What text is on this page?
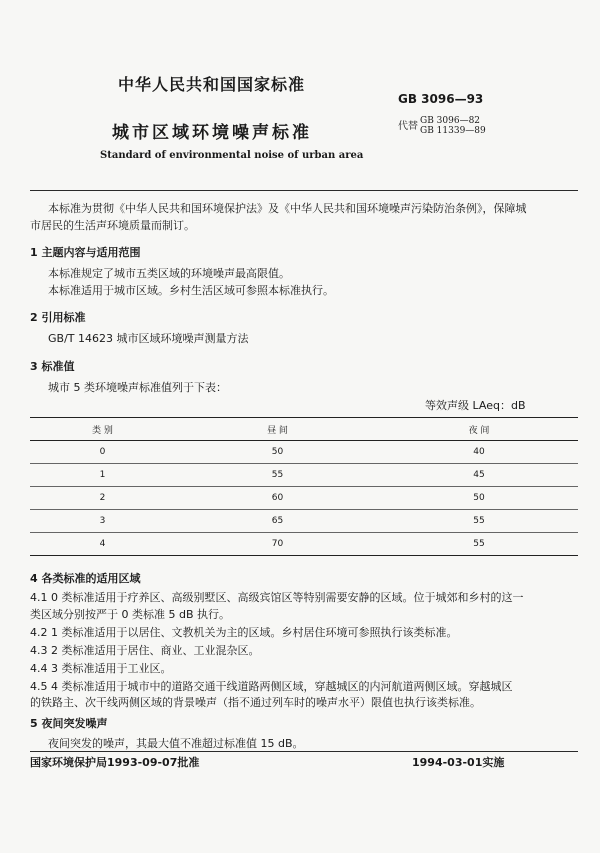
中华人民共和国国家标准
GB 3096—93
城市区域环境噪声标准	代替 GB 3096—82
GB 11339—89
Standard of environmental noise of urban area
本标准为贯彻《中华人民共和国环境保护法》及《中华人民共和国环境噪声污染防治条例》，保障城
市居民的生活声环境质量而制订。
1 主题内容与适用范围
本标准规定了城市五类区域的环境噪声最高限值。
本标准适用于城市区域。乡村生活区域可参照本标准执行。
2 引用标准
GB/T 14623 城市区域环境噪声测量方法
3 标准值
城市 5 类环境噪声标准值列于下表：
等效声级 LAeq：dB
类 别	昼 间	夜 间
0	50	40
1	55	45
2	60	50
3	65	55
4	70	55
4 各类标准的适用区域
4.1 0 类标准适用于疗养区、高级别墅区、高级宾馆区等特别需要安静的区域。位于城郊和乡村的这一
类区域分别按严于 0 类标准 5 dB 执行。
4.2 1 类标准适用于以居住、文教机关为主的区域。乡村居住环境可参照执行该类标准。
4.3 2 类标准适用于居住、商业、工业混杂区。
4.4 3 类标准适用于工业区。
4.5 4 类标准适用于城市中的道路交通干线道路两侧区域，穿越城区的内河航道两侧区域。穿越城区
的铁路主、次干线两侧区域的背景噪声（指不通过列车时的噪声水平）限值也执行该类标准。
5 夜间突发噪声
夜间突发的噪声，其最大值不准超过标准值 15 dB。
国家环境保护局1993-09-07批准	1994-03-01实施
